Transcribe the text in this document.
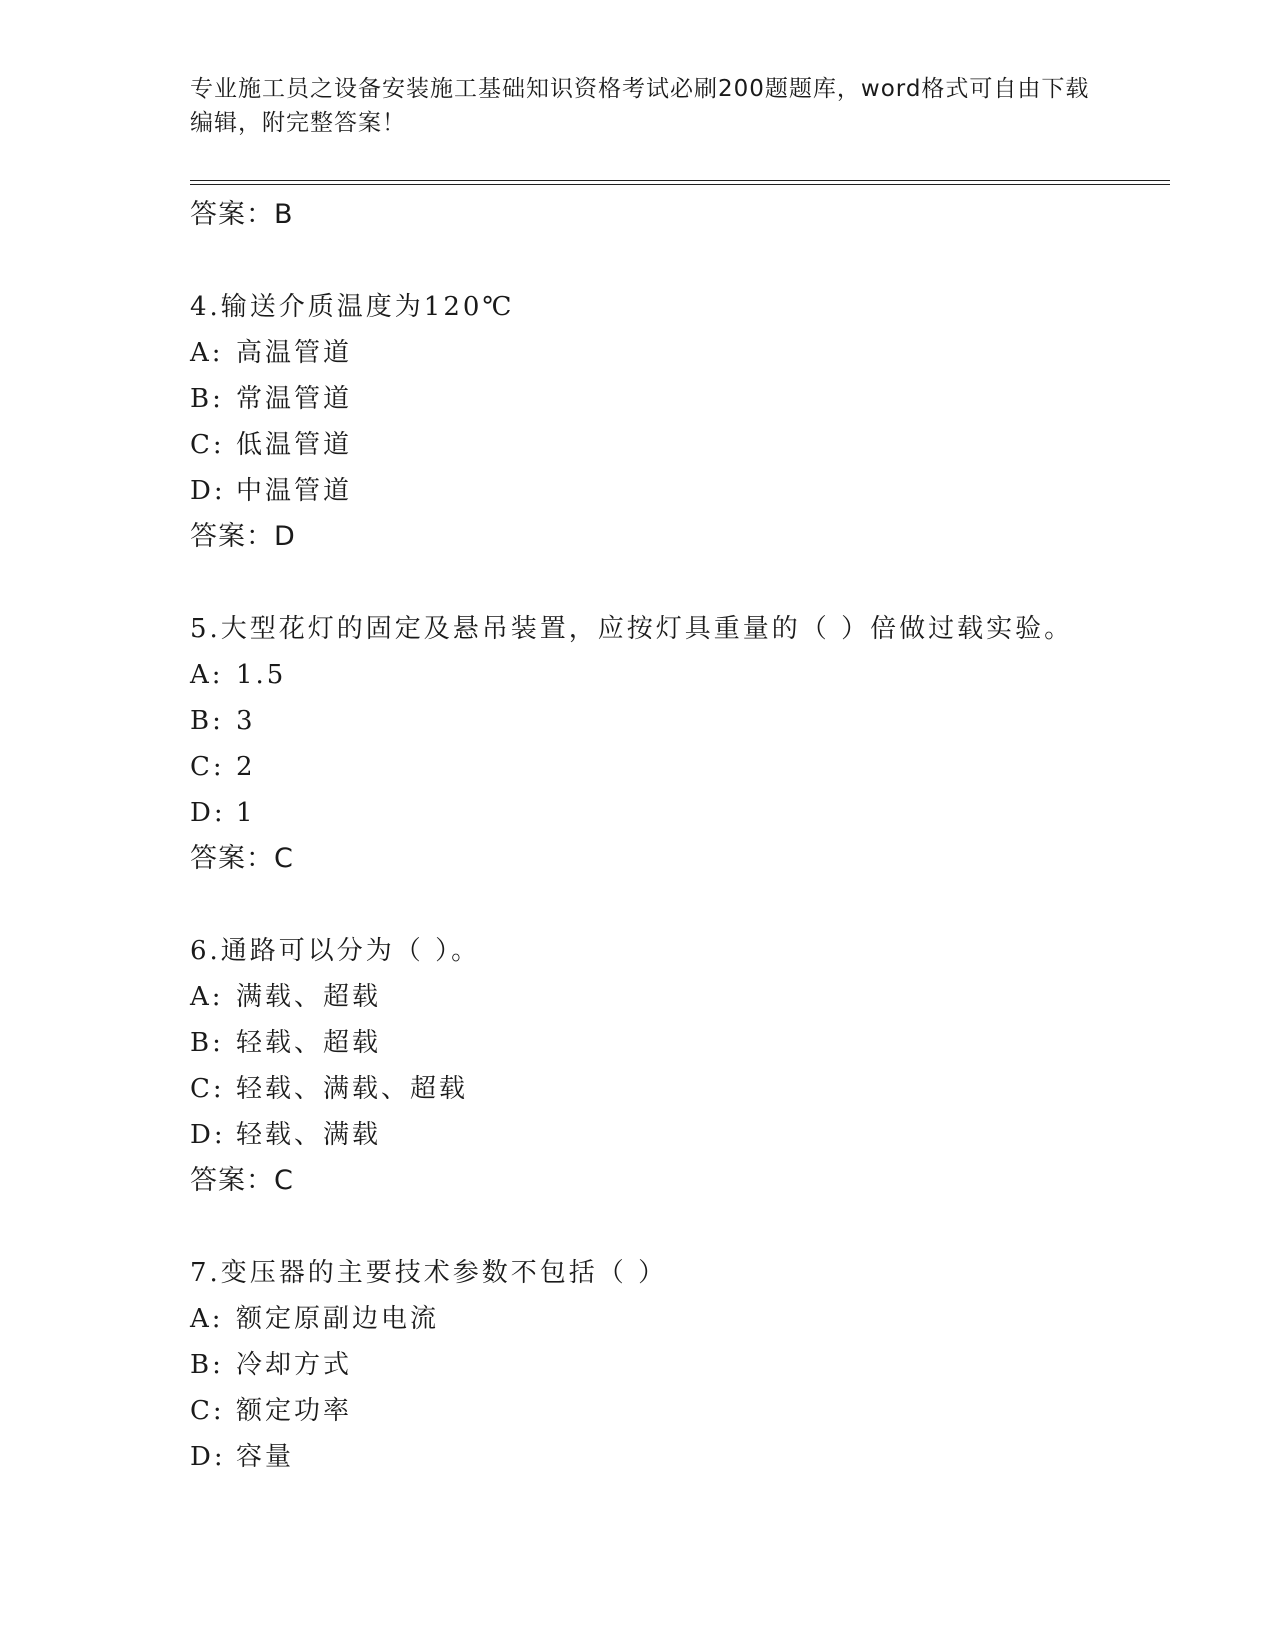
专业施工员之设备安装施工基础知识资格考试必刷200题题库，word格式可自由下载编辑，附完整答案！
答案：B
4.输送介质温度为120℃
A: 高温管道
B: 常温管道
C: 低温管道
D: 中温管道
答案：D
5.大型花灯的固定及悬吊装置，应按灯具重量的（ ）倍做过载实验。
A: 1.5
B: 3
C: 2
D: 1
答案：C
6.通路可以分为（ ）。
A: 满载、超载
B: 轻载、超载
C: 轻载、满载、超载
D: 轻载、满载
答案：C
7.变压器的主要技术参数不包括（ ）
A: 额定原副边电流
B: 冷却方式
C: 额定功率
D: 容量
